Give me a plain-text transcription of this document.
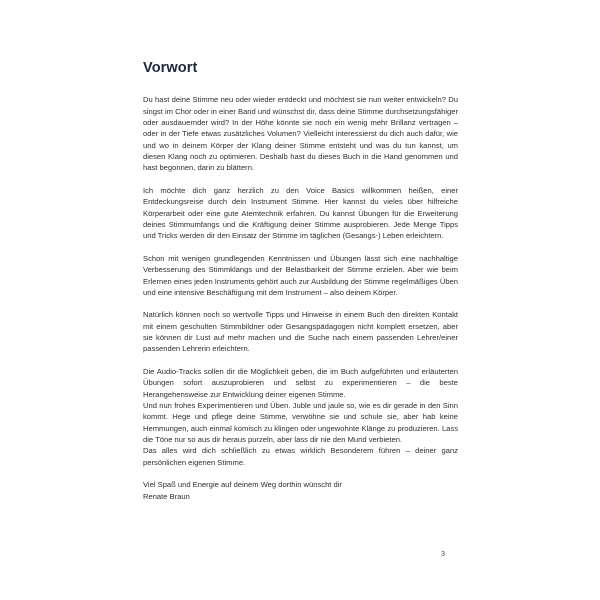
Vorwort

Du hast deine Stimme neu oder wieder entdeckt und möchtest sie nun weiter entwickeln? Du singst im Chor oder in einer Band und wünschst dir, dass deine Stimme durchsetzungsfähiger oder ausdauernder wird? In der Höhe könnte sie noch ein wenig mehr Brillanz vertragen – oder in der Tiefe etwas zusätzliches Volumen? Vielleicht interessierst du dich auch dafür, wie und wo in deinem Körper der Klang deiner Stimme entsteht und was du tun kannst, um diesen Klang noch zu optimieren. Deshalb hast du dieses Buch in die Hand genommen und hast begonnen, darin zu blättern.

Ich möchte dich ganz herzlich zu den Voice Basics willkommen heißen, einer Entdeckungsreise durch dein Instrument Stimme. Hier kannst du vieles über hilfreiche Körperarbeit oder eine gute Atemtechnik erfahren. Du kannst Übungen für die Erweiterung deines Stimmumfangs und die Kräftigung deiner Stimme ausprobieren. Jede Menge Tipps und Tricks werden dir den Einsatz der Stimme im täglichen (Gesangs-) Leben erleichtern.

Schon mit wenigen grundlegenden Kenntnissen und Übungen lässt sich eine nachhaltige Verbesserung des Stimmklangs und der Belastbarkeit der Stimme erzielen. Aber wie beim Erlernen eines jeden Instruments gehört auch zur Ausbildung der Stimme regelmäßiges Üben und eine intensive Beschäftigung mit dem Instrument – also deinem Körper.

Natürlich können noch so wertvolle Tipps und Hinweise in einem Buch den direkten Kontakt mit einem geschulten Stimmbildner oder Gesangspädagogen nicht komplett ersetzen, aber sie können dir Lust auf mehr machen und die Suche nach einem passenden Lehrer/einer passenden Lehrerin erleichtern.

Die Audio-Tracks sollen dir die Möglichkeit geben, die im Buch aufgeführten und erläuterten Übungen sofort auszuprobieren und selbst zu experimentieren – die beste Herangehensweise zur Entwicklung deiner eigenen Stimme.

Und nun frohes Experimentieren und Üben. Juble und jaule so, wie es dir gerade in den Sinn kommt. Hege und pflege deine Stimme, verwöhne sie und schule sie, aber hab keine Hemmungen, auch einmal komisch zu klingen oder ungewohnte Klänge zu produzieren. Lass die Töne nur so aus dir heraus purzeln, aber lass dir nie den Mund verbieten.

Das alles wird dich schließlich zu etwas wirklich Besonderem führen – deiner ganz persönlichen eigenen Stimme.

Viel Spaß und Energie auf deinem Weg dorthin wünscht dir
Renate Braun
3
